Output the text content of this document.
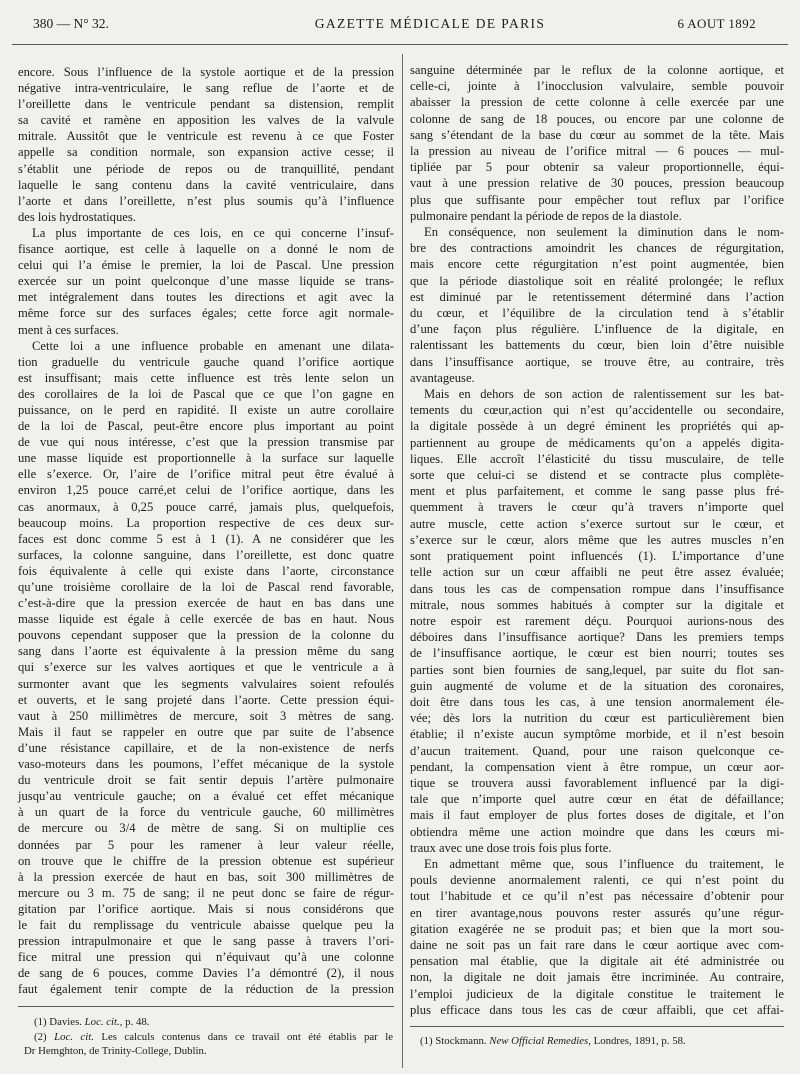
380 — N° 32.	GAZETTE MÉDICALE DE PARIS	6 AOUT 1892
encore. Sous l’influence de la systole aortique et de la pression
négative intra-ventriculaire, le sang reflue de l’aorte et de
l’oreillette dans le ventricule pendant sa distension, remplit
sa cavité et ramène en apposition les valves de la valvule
mitrale. Aussitôt que le ventricule est revenu à ce que Foster
appelle sa condition normale, son expansion active cesse; il
s’établit une période de repos ou de tranquillité, pendant
laquelle le sang contenu dans la cavité ventriculaire, dans
l’aorte et dans l’oreillette, n’est plus soumis qu’à l’influence
des lois hydrostatiques.
La plus importante de ces lois, en ce qui concerne l’insuf-
fisance aortique, est celle à laquelle on a donné le nom de
celui qui l’a émise le premier, la loi de Pascal. Une pression
exercée sur un point quelconque d’une masse liquide se trans-
met intégralement dans toutes les directions et agit avec la
même force sur des surfaces égales; cette force agit normale-
ment à ces surfaces.
Cette loi a une influence probable en amenant une dilata-
tion graduelle du ventricule gauche quand l’orifice aortique
est insuffisant; mais cette influence est très lente selon un
des corollaires de la loi de Pascal que ce que l’on gagne en
puissance, on le perd en rapidité. Il existe un autre corollaire
de la loi de Pascal, peut-être encore plus important au point
de vue qui nous intéresse, c’est que la pression transmise par
une masse liquide est proportionnelle à la surface sur laquelle
elle s’exerce. Or, l’aire de l’orifice mitral peut être évalué à
environ 1,25 pouce carré,et celui de l’orifice aortique, dans les
cas anormaux, à 0,25 pouce carré, jamais plus, quelquefois,
beaucoup moins. La proportion respective de ces deux sur-
faces est donc comme 5 est à 1 (1). A ne considérer que les
surfaces, la colonne sanguine, dans l’oreillette, est donc quatre
fois équivalente à celle qui existe dans l’aorte, circonstance
qu’une troisième corollaire de la loi de Pascal rend favorable,
c’est-à-dire que la pression exercée de haut en bas dans une
masse liquide est égale à celle exercée de bas en haut. Nous
pouvons cependant supposer que la pression de la colonne du
sang dans l’aorte est équivalente à la pression même du sang
qui s’exerce sur les valves aortiques et que le ventricule a à
surmonter avant que les segments valvulaires soient refoulés
et ouverts, et le sang projeté dans l’aorte. Cette pression équi-
vaut à 250 millimètres de mercure, soit 3 mètres de sang.
Mais il faut se rappeler en outre que par suite de l’absence
d’une résistance capillaire, et de la non-existence de nerfs
vaso-moteurs dans les poumons, l’effet mécanique de la systole
du ventricule droit se fait sentir depuis l’artère pulmonaire
jusqu’au ventricule gauche; on a évalué cet effet mécanique
à un quart de la force du ventricule gauche, 60 millimètres
de mercure ou 3/4 de mètre de sang. Si on multiplie ces
données par 5 pour les ramener à leur valeur réelle,
on trouve que le chiffre de la pression obtenue est supérieur
à la pression exercée de haut en bas, soit 300 millimètres de
mercure ou 3 m. 75 de sang; il ne peut donc se faire de régur-
gitation par l’orifice aortique. Mais si nous considérons que
le fait du remplissage du ventricule abaisse quelque peu la
pression intrapulmonaire et que le sang passe à travers l’ori-
fice mitral une pression qui n’équivaut qu’à une colonne
de sang de 6 pouces, comme Davies l’a démontré (2), il nous
faut également tenir compte de la réduction de la pression
(1) Davies. Loc. cit., p. 48.
(2) Loc. cit. Les calculs contenus dans ce travail ont été établis par le
Dr Hemghton, de Trinity-College, Dublin.
sanguine déterminée par le reflux de la colonne aortique, et
celle-ci, jointe à l’inocclusion valvulaire, semble pouvoir
abaisser la pression de cette colonne à celle exercée par une
colonne de sang de 18 pouces, ou encore par une colonne de
sang s’étendant de la base du cœur au sommet de la tête. Mais
la pression au niveau de l’orifice mitral — 6 pouces — mul-
tipliée par 5 pour obtenir sa valeur proportionnelle, équi-
vaut à une pression relative de 30 pouces, pression beaucoup
plus que suffisante pour empêcher tout reflux par l’orifice
pulmonaire pendant la période de repos de la diastole.
En conséquence, non seulement la diminution dans le nom-
bre des contractions amoindrit les chances de régurgitation,
mais encore cette régurgitation n’est point augmentée, bien
que la période diastolique soit en réalité prolongée; le reflux
est diminué par le retentissement déterminé dans l’action
du cœur, et l’équilibre de la circulation tend à s’établir
d’une façon plus régulière. L’influence de la digitale, en
ralentissant les battements du cœur, bien loin d’être nuisible
dans l’insuffisance aortique, se trouve être, au contraire, très
avantageuse.
Mais en dehors de son action de ralentissement sur les bat-
tements du cœur,action qui n’est qu’accidentelle ou secondaire,
la digitale possède à un degré éminent les propriétés qui ap-
partiennent au groupe de médicaments qu’on a appelés digita-
liques. Elle accroît l’élasticité du tissu musculaire, de telle
sorte que celui-ci se distend et se contracte plus complète-
ment et plus parfaitement, et comme le sang passe plus fré-
quemment à travers le cœur qu’à travers n’importe quel
autre muscle, cette action s’exerce surtout sur le cœur, et
s’exerce sur le cœur, alors même que les autres muscles n’en
sont pratiquement point influencés (1). L’importance d’une
telle action sur un cœur affaibli ne peut être assez évaluée;
dans tous les cas de compensation rompue dans l’insuffisance
mitrale, nous sommes habitués à compter sur la digitale et
notre espoir est rarement déçu. Pourquoi aurions-nous des
déboires dans l’insuffisance aortique? Dans les premiers temps
de l’insuffisance aortique, le cœur est bien nourri; toutes ses
parties sont bien fournies de sang,lequel, par suite du flot san-
guin augmenté de volume et de la situation des coronaires,
doit être dans tous les cas, à une tension anormalement éle-
vée; dès lors la nutrition du cœur est particulièrement bien
établie; il n’existe aucun symptôme morbide, et il n’est besoin
d’aucun traitement. Quand, pour une raison quelconque ce-
pendant, la compensation vient à être rompue, un cœur aor-
tique se trouvera aussi favorablement influencé par la digi-
tale que n’importe quel autre cœur en état de défaillance;
mais il faut employer de plus fortes doses de digitale, et l’on
obtiendra même une action moindre que dans les cœurs mi-
traux avec une dose trois fois plus forte.
En admettant même que, sous l’influence du traitement, le
pouls devienne anormalement ralenti, ce qui n’est point du
tout l’habitude et ce qu’il n’est pas nécessaire d’obtenir pour
en tirer avantage,nous pouvons rester assurés qu’une régur-
gitation exagérée ne se produit pas; et bien que la mort sou-
daine ne soit pas un fait rare dans le cœur aortique avec com-
pensation mal établie, que la digitale ait été administrée ou
non, la digitale ne doit jamais être incriminée. Au contraire,
l’emploi judicieux de la digitale constitue le traitement le
plus efficace dans tous les cas de cœur affaibli, que cet affai-
(1) Stockmann. New Official Remedies, Londres, 1891, p. 58.
